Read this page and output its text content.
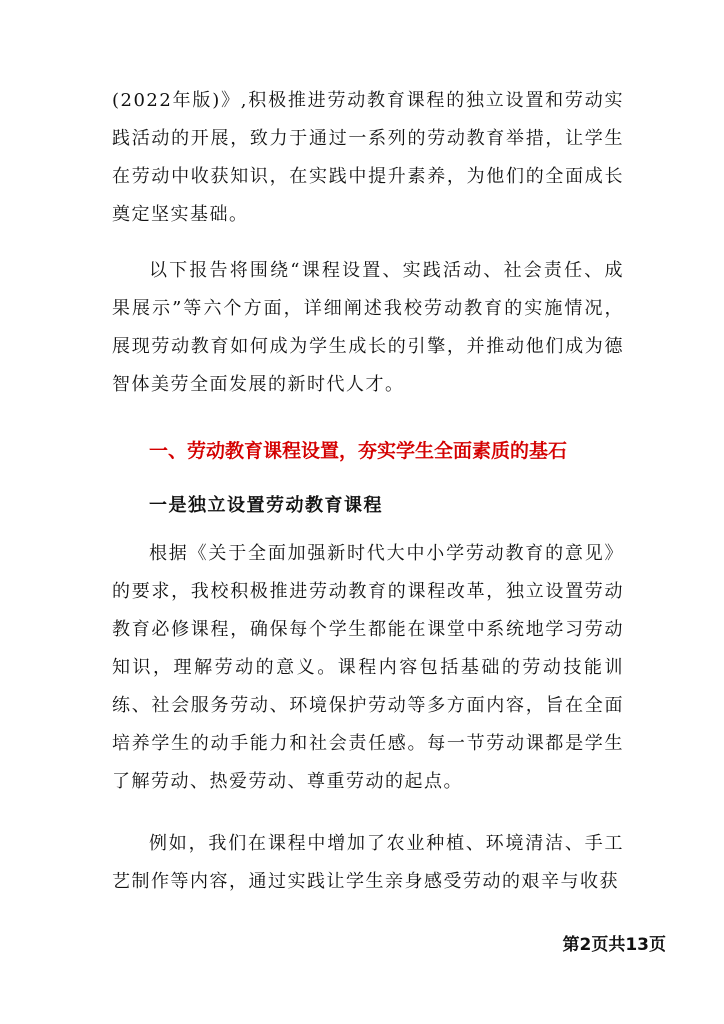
(2022年版)》,积极推进劳动教育课程的独立设置和劳动实践活动的开展，致力于通过一系列的劳动教育举措，让学生在劳动中收获知识，在实践中提升素养，为他们的全面成长奠定坚实基础。

以下报告将围绕“课程设置、实践活动、社会责任、成果展示”等六个方面，详细阐述我校劳动教育的实施情况，展现劳动教育如何成为学生成长的引擎，并推动他们成为德智体美劳全面发展的新时代人才。

一、劳动教育课程设置，夯实学生全面素质的基石
一是独立设置劳动教育课程

根据《关于全面加强新时代大中小学劳动教育的意见》的要求，我校积极推进劳动教育的课程改革，独立设置劳动教育必修课程，确保每个学生都能在课堂中系统地学习劳动知识，理解劳动的意义。课程内容包括基础的劳动技能训练、社会服务劳动、环境保护劳动等多方面内容，旨在全面培养学生的动手能力和社会责任感。每一节劳动课都是学生了解劳动、热爱劳动、尊重劳动的起点。

例如，我们在课程中增加了农业种植、环境清洁、手工艺制作等内容，通过实践让学生亲身感受劳动的艰辛与收获

第2页共13页
